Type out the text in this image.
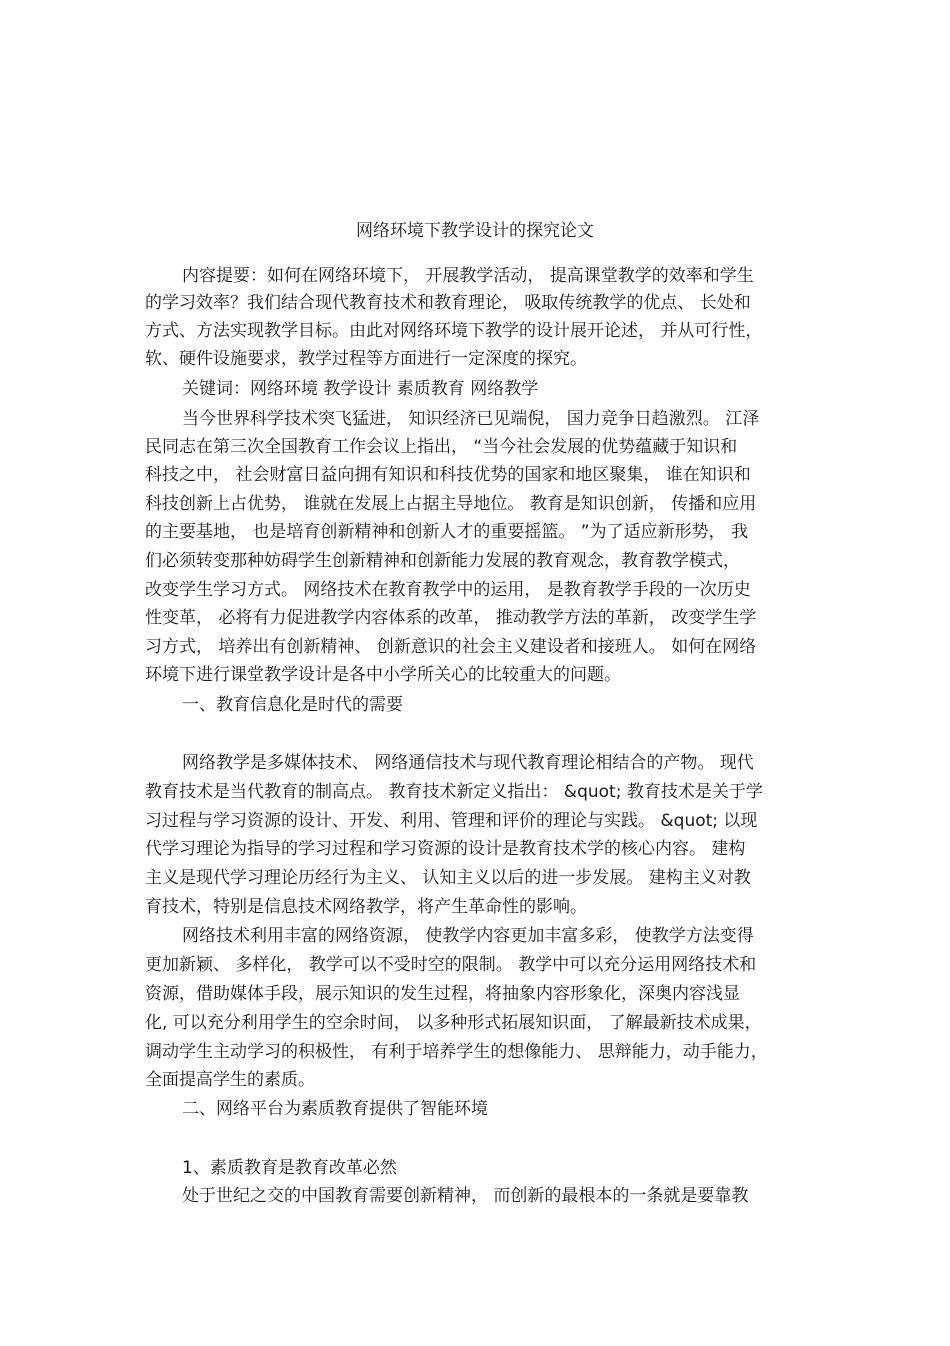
网络环境下教学设计的探究论文
内容提要：如何在网络环境下， 开展教学活动， 提高课堂教学的效率和学生
的学习效率？我们结合现代教育技术和教育理论， 吸取传统教学的优点、 长处和
方式、方法实现教学目标。由此对网络环境下教学的设计展开论述， 并从可行性，
软、硬件设施要求，教学过程等方面进行一定深度的探究。
关键词：网络环境 教学设计 素质教育 网络教学
当今世界科学技术突飞猛进， 知识经济已见端倪， 国力竞争日趋激烈。 江泽
民同志在第三次全国教育工作会议上指出， “当今社会发展的优势蕴藏于知识和
科技之中， 社会财富日益向拥有知识和科技优势的国家和地区聚集， 谁在知识和
科技创新上占优势， 谁就在发展上占据主导地位。 教育是知识创新， 传播和应用
的主要基地， 也是培育创新精神和创新人才的重要摇篮。 ”为了适应新形势， 我
们必须转变那种妨碍学生创新精神和创新能力发展的教育观念，教育教学模式，
改变学生学习方式。 网络技术在教育教学中的运用， 是教育教学手段的一次历史
性变革， 必将有力促进教学内容体系的改革， 推动教学方法的革新， 改变学生学
习方式， 培养出有创新精神、 创新意识的社会主义建设者和接班人。 如何在网络
环境下进行课堂教学设计是各中小学所关心的比较重大的问题。
一、教育信息化是时代的需要
网络教学是多媒体技术、 网络通信技术与现代教育理论相结合的产物。 现代
教育技术是当代教育的制高点。 教育技术新定义指出： &quot; 教育技术是关于学
习过程与学习资源的设计、开发、利用、管理和评价的理论与实践。 &quot; 以现
代学习理论为指导的学习过程和学习资源的设计是教育技术学的核心内容。 建构
主义是现代学习理论历经行为主义、 认知主义以后的进一步发展。 建构主义对教
育技术，特别是信息技术网络教学，将产生革命性的影响。
网络技术利用丰富的网络资源， 使教学内容更加丰富多彩， 使教学方法变得
更加新颖、 多样化， 教学可以不受时空的限制。 教学中可以充分运用网络技术和
资源，借助媒体手段，展示知识的发生过程，将抽象内容形象化，深奥内容浅显
化, 可以充分利用学生的空余时间， 以多种形式拓展知识面， 了解最新技术成果，
调动学生主动学习的积极性， 有利于培养学生的想像能力、 思辩能力，动手能力，
全面提高学生的素质。
二、网络平台为素质教育提供了智能环境
1、素质教育是教育改革必然
处于世纪之交的中国教育需要创新精神， 而创新的最根本的一条就是要靠教
